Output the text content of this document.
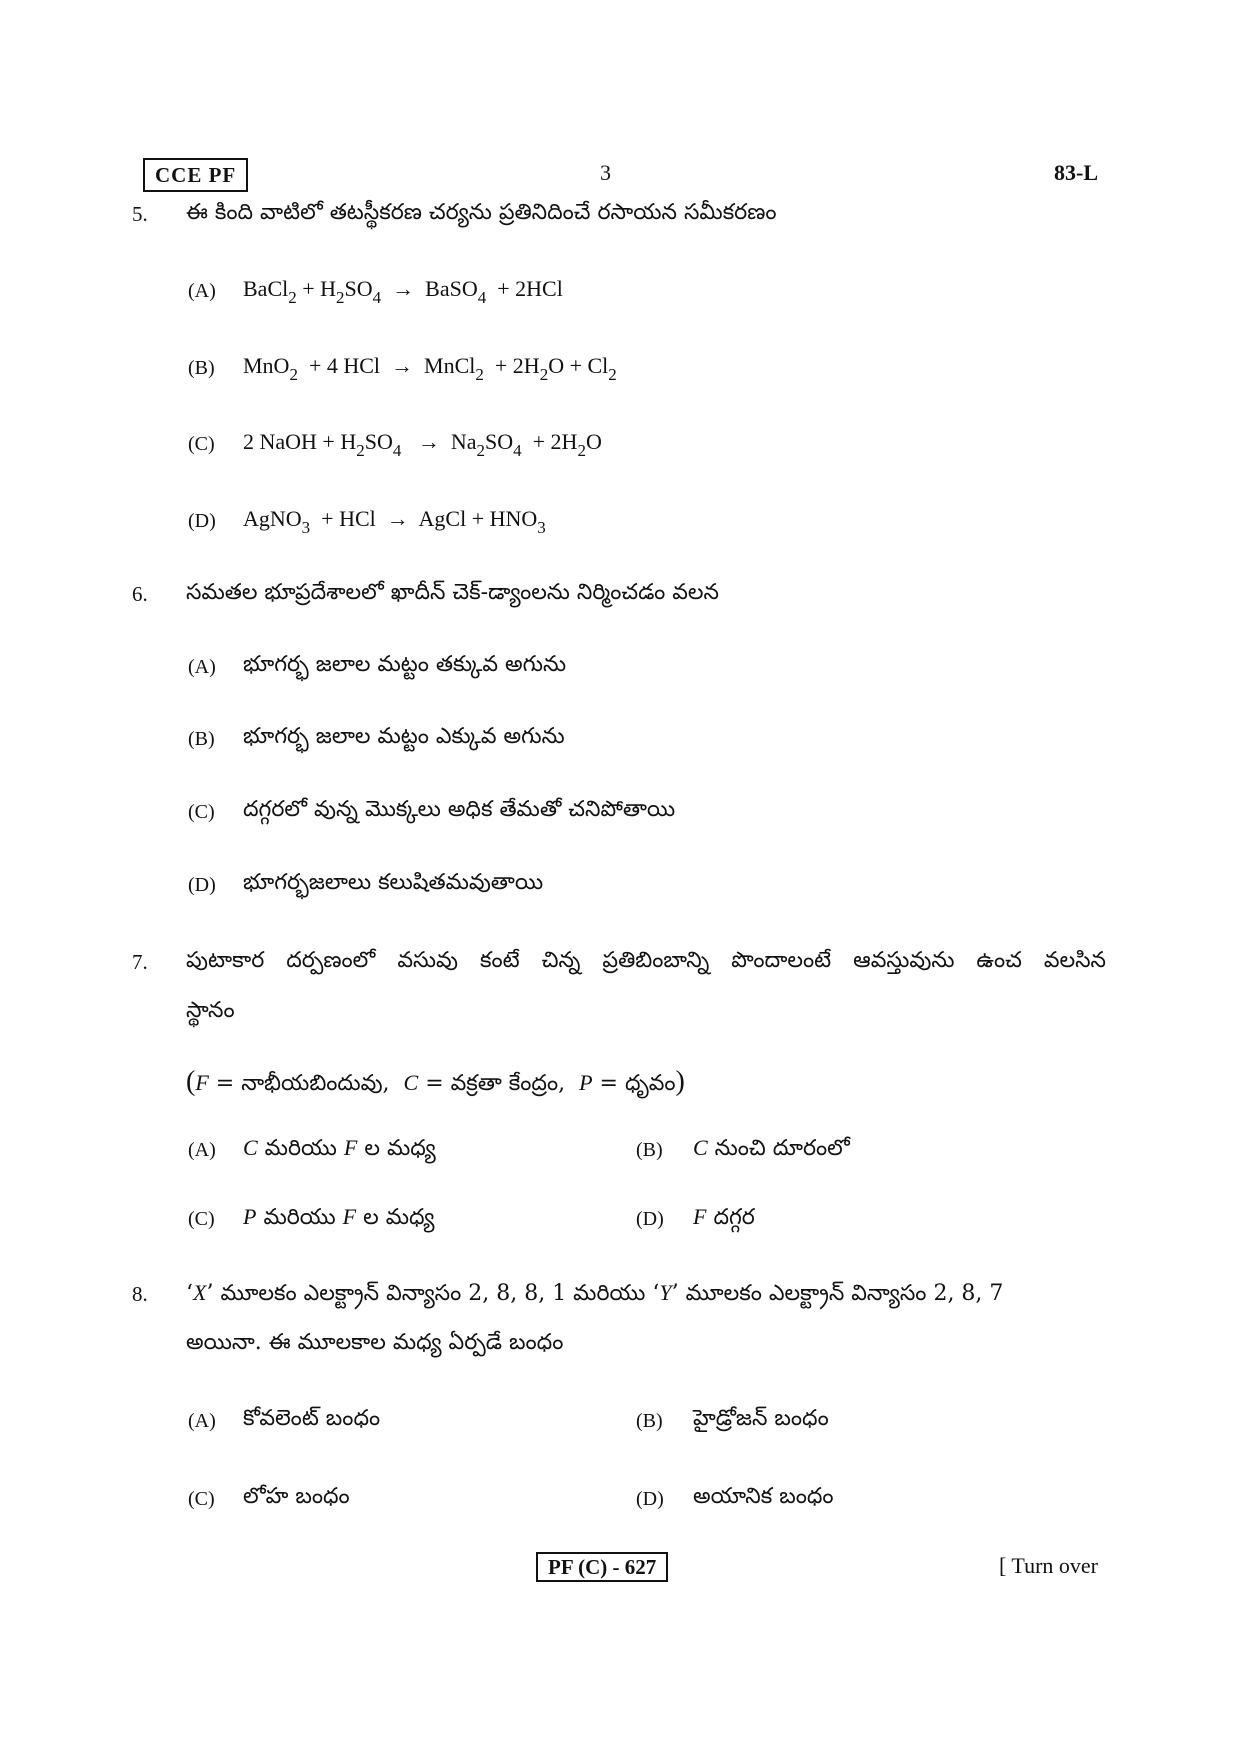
CCE PF	3	83-L
5. ఈ కింది వాటిలో తటస్థీకరణ చర్యను ప్రతినిదించే రసాయన సమీకరణం
(A) BaCl$_2$ + $H_2SO_4$  →  BaSO$_4$  + 2HCl
(B) MnO$_2$  + 4 HCl  →  MnCl$_2$  + $2H_2O + Cl_2$
(C) 2 NaOH + $H_2SO_4 \to Na_2SO_4 + 2H_2O$
(D) AgNO$_3$  + HCl  →  AgCl + $HNO_3$
6. సమతల భూప్రదేశాలలో ఖాదీన్ చెక్-డ్యాంలను నిర్మించడం వలన
(A) భూగర్భ జలాల మట్టం తక్కువ అగును
(B) భూగర్భ జలాల మట్టం ఎక్కువ అగును
(C) దగ్గరలో వున్న మొక్కలు అధిక తేమతో చనిపోతాయి
(D) భూగర్భజలాలు కలుషితమవుతాయి
7. పుటాకార దర్పణంలో వసువు కంటే చిన్న ప్రతిబింబాన్ని పొందాలంటే ఆవస్తువును ఉంచ వలసిన
స్థానం
(F = నాభీయబిందువు,  C = వక్రతా కేంద్రం,  P = ధృవం)
(A) C మరియు F ల మధ్య	(B) C నుంచి దూరంలో
(C) P మరియు F ల మధ్య	(D) F దగ్గర
8. ‘X’ మూలకం ఎలక్ట్రాన్ విన్యాసం 2, 8, 8, 1 మరియు ‘Y’ మూలకం ఎలక్ట్రాన్ విన్యాసం 2, 8, 7
అయినా. ఈ మూలకాల మధ్య ఏర్పడే బంధం
(A) కోవలెంట్ బంధం	(B) హైడ్రోజన్ బంధం
(C) లోహ బంధం	(D) అయానిక బంధం
PF (C) - 627	[ Turn over
